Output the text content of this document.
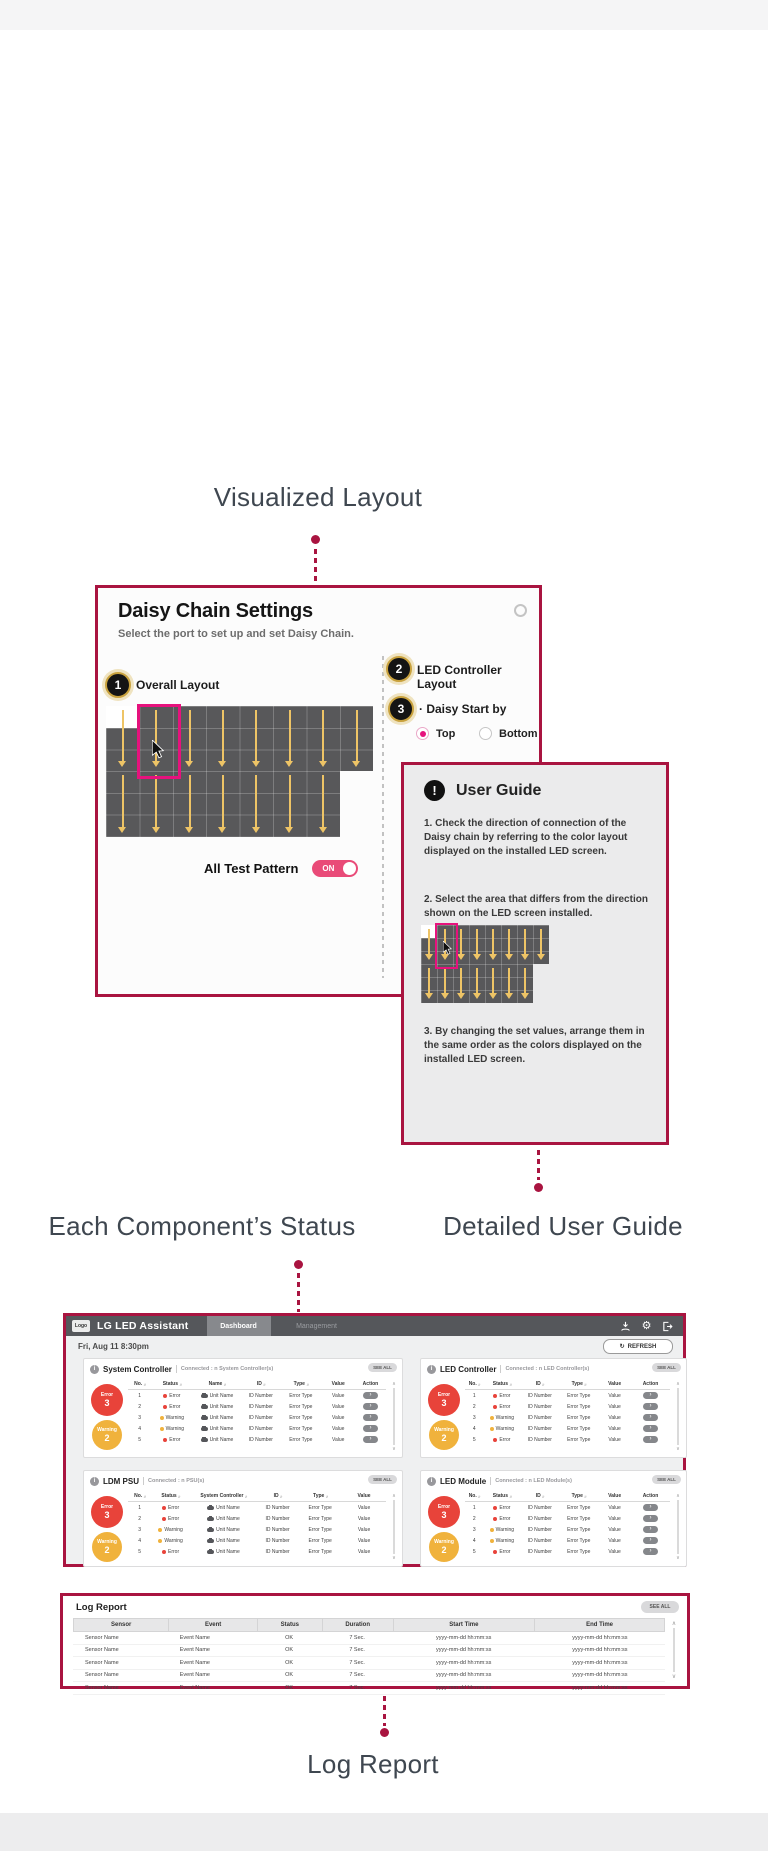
Visualized Layout
Each Component’s Status	Detailed User Guide
Log Report
Daisy Chain Settings
Select the port to set up and set Daisy Chain.
1	Overall Layout
2	LED Controller Layout
3	· Daisy Start by
Top	Bottom
All Test Pattern	ON
!	User Guide
1. Check the direction of connection of the Daisy chain by referring to the color layout displayed on the installed LED screen.
2. Select the area that differs from the direction shown on the LED screen installed.
3. By changing the set values, arrange them in the same order as the colors displayed on the installed LED screen.
Logo LG LED Assistant	Dashboard	Management	⚙
Fri, Aug 11 8:30pm	↻ REFRESH
i System Controller Connected : n System Controller(s)	SEE ALL
Error
3
Warning
2
No. ↓↑	Status ↓↑	Name ↓↑	ID ↓↑	Type ↓↑	Value	Action
1	Error	Unit Name	ID Number	Error Type	Value	›
2	Error	Unit Name	ID Number	Error Type	Value	›
3	Warning	Unit Name	ID Number	Error Type	Value	›
4	Warning	Unit Name	ID Number	Error Type	Value	›
5	Error	Unit Name	ID Number	Error Type	Value	›
∧
∨
i LED Controller Connected : n LED Controller(s)	SEE ALL
Error
3
Warning
2
No. ↓↑	Status ↓↑	ID ↓↑	Type ↓↑	Value	Action
1	Error	ID Number	Error Type	Value	›
2	Error	ID Number	Error Type	Value	›
3	Warning	ID Number	Error Type	Value	›
4	Warning	ID Number	Error Type	Value	›
5	Error	ID Number	Error Type	Value	›
∧
∨
i LDM PSU Connected : n PSU(s)	SEE ALL
Error
3
Warning
2
No. ↓↑	Status ↓↑	System Controller ↓↑	ID ↓↑	Type ↓↑	Value
1	Error	Unit Name	ID Number	Error Type	Value
2	Error	Unit Name	ID Number	Error Type	Value
3	Warning	Unit Name	ID Number	Error Type	Value
4	Warning	Unit Name	ID Number	Error Type	Value
5	Error	Unit Name	ID Number	Error Type	Value
∧
∨
i LED Module Connected : n LED Module(s)	SEE ALL
Error
3
Warning
2
No. ↓↑	Status ↓↑	ID ↓↑	Type ↓↑	Value	Action
1	Error	ID Number	Error Type	Value	›
2	Error	ID Number	Error Type	Value	›
3	Warning	ID Number	Error Type	Value	›
4	Warning	ID Number	Error Type	Value	›
5	Error	ID Number	Error Type	Value	›
∧
∨
Log Report	SEE ALL
Sensor	Event	Status	Duration	Start Time	End Time
Sensor Name	Event Name	OK	7 Sec.	yyyy-mm-dd hh:mm:ss	yyyy-mm-dd hh:mm:ss
Sensor Name	Event Name	OK	7 Sec.	yyyy-mm-dd hh:mm:ss	yyyy-mm-dd hh:mm:ss
Sensor Name	Event Name	OK	7 Sec.	yyyy-mm-dd hh:mm:ss	yyyy-mm-dd hh:mm:ss
Sensor Name	Event Name	OK	7 Sec.	yyyy-mm-dd hh:mm:ss	yyyy-mm-dd hh:mm:ss
Sensor Name	Event Name	OK	7 Sec.	yyyy-mm-dd hh:mm:ss	yyyy-mm-dd hh:mm:ss
∧
∨
